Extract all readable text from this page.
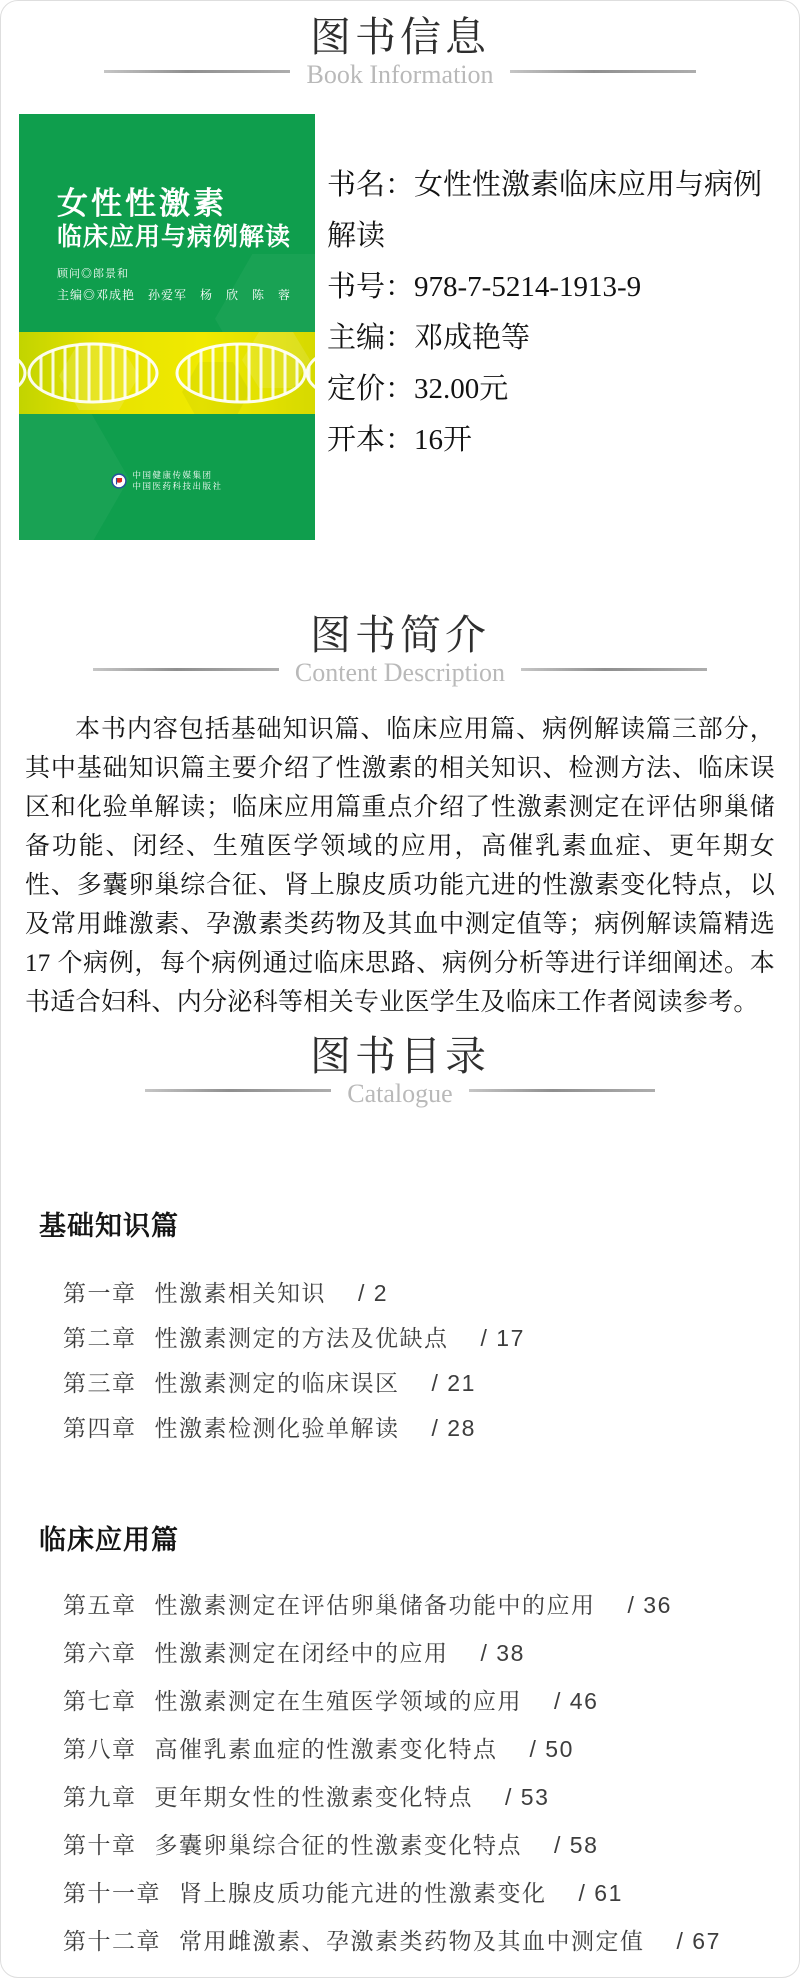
图书信息
Book Information
女性性激素
临床应用与病例解读
顾问◎郎景和
主编◎邓成艳　孙爱军　杨　欣　陈　蓉
中国健康传媒集团
中国医药科技出版社
书名：女性性激素临床应用与病例解读
书号：978-7-5214-1913-9
主编：邓成艳等
定价：32.00元
开本：16开
图书简介
Content Description

本书内容包括基础知识篇、临床应用篇、病例解读篇三部分，其中基础知识篇主要介绍了性激素的相关知识、检测方法、临床误区和化验单解读；临床应用篇重点介绍了性激素测定在评估卵巢储备功能、闭经、生殖医学领域的应用，高催乳素血症、更年期女性、多囊卵巢综合征、肾上腺皮质功能亢进的性激素变化特点，以及常用雌激素、孕激素类药物及其血中测定值等；病例解读篇精选 17 个病例，每个病例通过临床思路、病例分析等进行详细阐述。本书适合妇科、内分泌科等相关专业医学生及临床工作者阅读参考。

图书目录
Catalogue
基础知识篇
第一章 性激素相关知识 / 2
第二章 性激素测定的方法及优缺点 / 17
第三章 性激素测定的临床误区 / 21
第四章 性激素检测化验单解读 / 28
临床应用篇
第五章 性激素测定在评估卵巢储备功能中的应用 / 36
第六章 性激素测定在闭经中的应用 / 38
第七章 性激素测定在生殖医学领域的应用 / 46
第八章 高催乳素血症的性激素变化特点 / 50
第九章 更年期女性的性激素变化特点 / 53
第十章 多囊卵巢综合征的性激素变化特点 / 58
第十一章 肾上腺皮质功能亢进的性激素变化 / 61
第十二章 常用雌激素、孕激素类药物及其血中测定值 / 67
